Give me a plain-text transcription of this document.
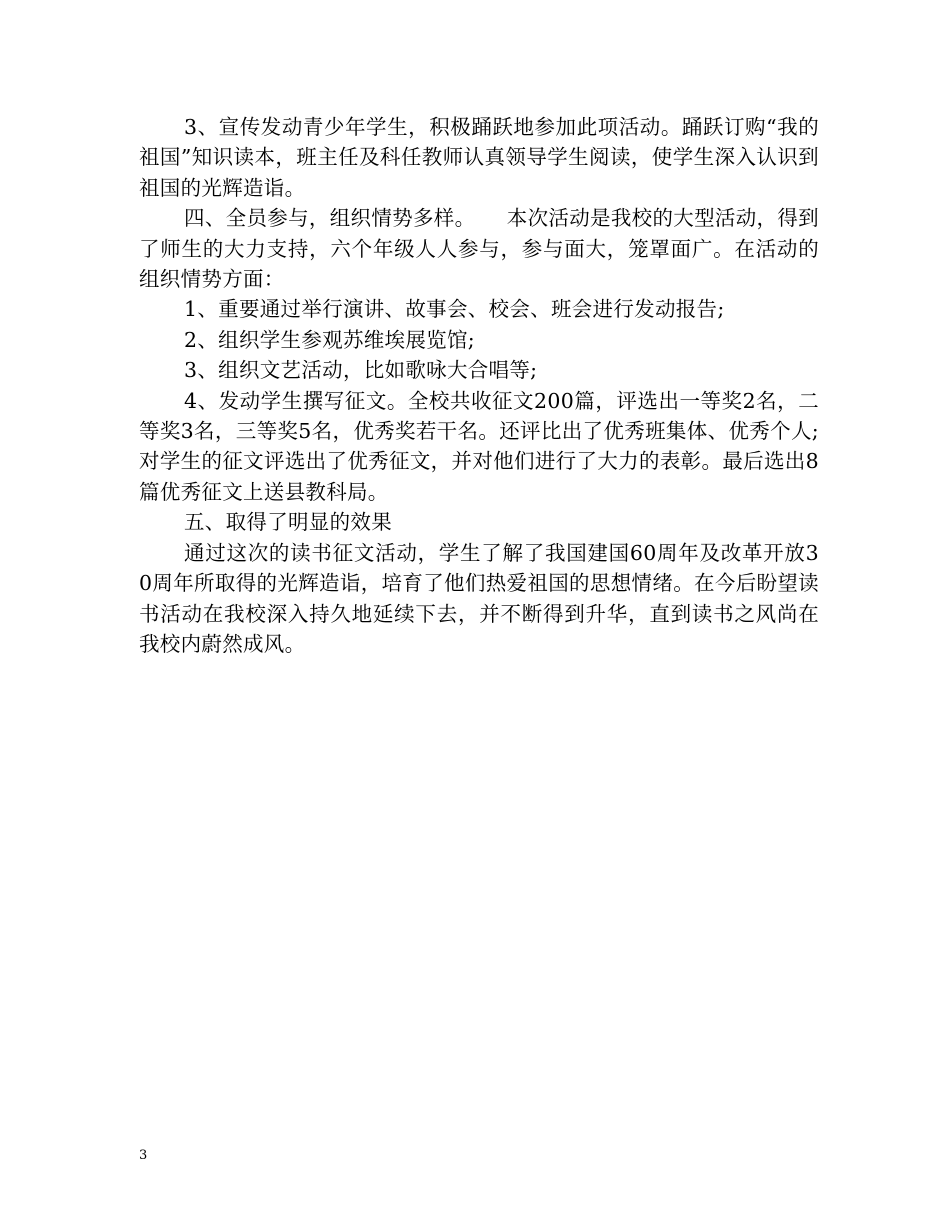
3、宣传发动青少年学生，积极踊跃地参加此项活动。踊跃订购“我的祖国”知识读本，班主任及科任教师认真领导学生阅读，使学生深入认识到祖国的光辉造诣。

四、全员参与，组织情势多样。　　本次活动是我校的大型活动，得到了师生的大力支持，六个年级人人参与，参与面大，笼罩面广。在活动的组织情势方面：

1、重要通过举行演讲、故事会、校会、班会进行发动报告;

2、组织学生参观苏维埃展览馆;

3、组织文艺活动，比如歌咏大合唱等;

4、发动学生撰写征文。全校共收征文200篇，评选出一等奖2名，二等奖3名，三等奖5名，优秀奖若干名。还评比出了优秀班集体、优秀个人;对学生的征文评选出了优秀征文，并对他们进行了大力的表彰。最后选出8篇优秀征文上送县教科局。

五、取得了明显的效果

通过这次的读书征文活动，学生了解了我国建国60周年及改革开放30周年所取得的光辉造诣，培育了他们热爱祖国的思想情绪。在今后盼望读书活动在我校深入持久地延续下去，并不断得到升华，直到读书之风尚在我校内蔚然成风。

3
